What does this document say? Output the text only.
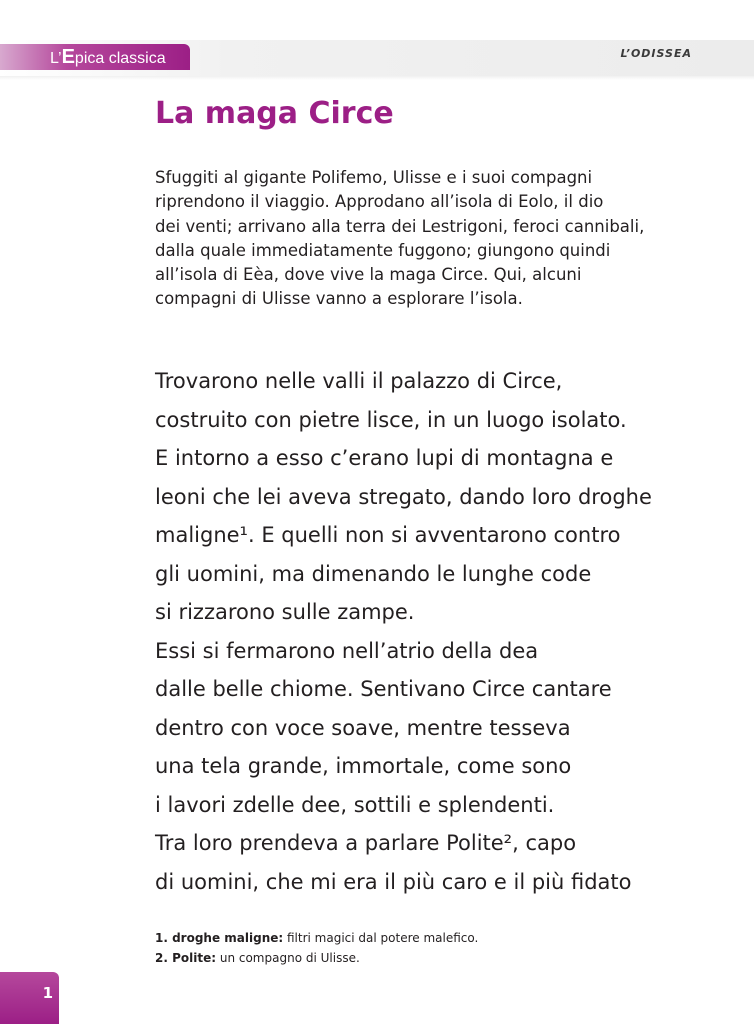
L’Epica classica	L’ODISSEA
La maga Circe
Sfuggiti al gigante Polifemo, Ulisse e i suoi compagni
riprendono il viaggio. Approdano all’isola di Eolo, il dio
dei venti; arrivano alla terra dei Lestrigoni, feroci cannibali,
dalla quale immediatamente fuggono; giungono quindi
all’isola di Eèa, dove vive la maga Circe. Qui, alcuni
compagni di Ulisse vanno a esplorare l’isola.
Trovarono nelle valli il palazzo di Circe,
costruito con pietre lisce, in un luogo isolato.
E intorno a esso c’erano lupi di montagna e
leoni che lei aveva stregato, dando loro droghe
maligne¹. E quelli non si avventarono contro
gli uomini, ma dimenando le lunghe code
si rizzarono sulle zampe.
Essi si fermarono nell’atrio della dea
dalle belle chiome. Sentivano Circe cantare
dentro con voce soave, mentre tesseva
una tela grande, immortale, come sono
i lavori zdelle dee, sottili e splendenti.
Tra loro prendeva a parlare Polite², capo
di uomini, che mi era il più caro e il più fidato
1. droghe maligne: filtri magici dal potere malefico.
2. Polite: un compagno di Ulisse.
1
